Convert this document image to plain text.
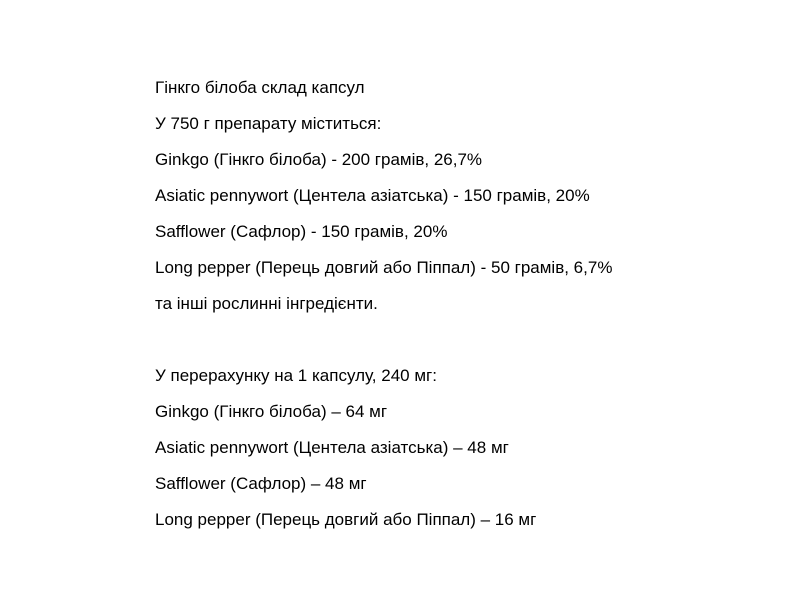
Гінкго білоба склад капсул
У 750 г препарату міститься:
Ginkgo (Гінкго білоба) - 200 грамів, 26,7%
Asiatic pennywort (Центела азіатська) - 150 грамів, 20%
Safflower (Сафлор) - 150 грамів, 20%
Long pepper (Перець довгий або Піппал) - 50 грамів, 6,7%
та інші рослинні інгредієнти.
У перерахунку на 1 капсулу, 240 мг:
Ginkgo (Гінкго білоба) – 64 мг
Asiatic pennywort (Центела азіатська) – 48 мг
Safflower (Сафлор) – 48 мг
Long pepper (Перець довгий або Піппал) – 16 мг
